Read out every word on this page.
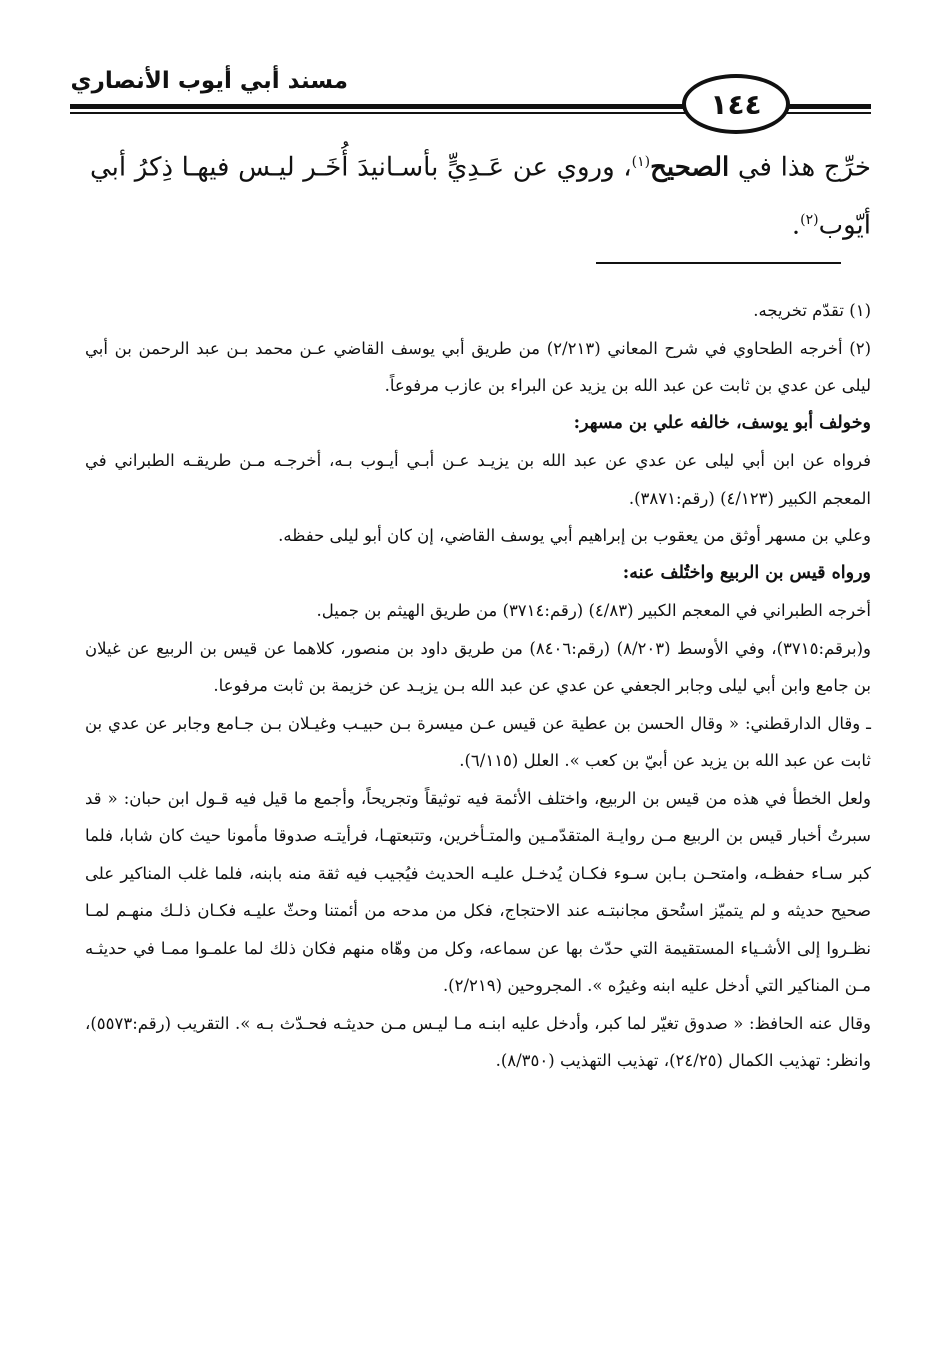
مسند أبي أيوب الأنصاري
١٤٤
خرِّج هذا في الصحيح$^{(١)}$، وروي عن عَـدِيٍّ بأسـانيدَ أُخَـر ليـس فيهـا ذِكرُ أبي أيّوب$^{(٢)}$.

(١) تقدّم تخريجه.

(٢) أخرجه الطحاوي في شرح المعاني (٢/٢١٣) من طريق أبي يوسف القاضي عـن محمد بـن عبد الرحمن بن أبي ليلى عن عدي بن ثابت عن عبد الله بن يزيد عن البراء بن عازب مرفوعاً.

وخولف أبو يوسف، خالفه علي بن مسهر:

فرواه عن ابن أبي ليلى عن عدي عن عبد الله بن يزيـد عـن أبـي أيـوب بـه، أخرجـه مـن طريقـه الطبراني في المعجم الكبير (٤/١٢٣) (رقم:٣٨٧١).

وعلي بن مسهر أوثق من يعقوب بن إبراهيم أبي يوسف القاضي، إن كان أبو ليلى حفظه.

ورواه قيس بن الربيع واختُلف عنه:

أخرجه الطبراني في المعجم الكبير (٤/٨٣) (رقم:٣٧١٤) من طريق الهيثم بن جميل.

و(برقم:٣٧١٥)، وفي الأوسط (٨/٢٠٣) (رقم:٨٤٠٦) من طريق داود بن منصور، كلاهما عن قيس بن الربيع عن غيلان بن جامع وابن أبي ليلى وجابر الجعفي عن عدي عن عبد الله بـن يزيـد عن خزيمة بن ثابت مرفوعا.

ـ وقال الدارقطني: « وقال الحسن بن عطية عن قيس عـن ميسرة بـن حبيـب وغيـلان بـن جـامع وجابر عن عدي بن ثابت عن عبد الله بن يزيد عن أبيّ بن كعب ». العلل (٦/١١٥).

ولعل الخطأ في هذه من قيس بن الربيع، واختلف الأئمة فيه توثيقاً وتجريحاً، وأجمع ما قيل فيه قـول ابن حبان: « قد سبرتُ أخبار قيس بن الربيع مـن روايـة المتقدّمـين والمتـأخرين، وتتبعتهـا، فرأيتـه صدوقا مأمونا حيث كان شابا، فلما كبر سـاء حفظـه، وامتحـن بـابن سـوء فكـان يُدخـل عليـه الحديث فيُجيب فيه ثقة منه بابنه، فلما غلب المناكير على صحيح حديثه و لم يتميّز استُحق مجانبتـه عند الاحتجاج، فكل من مدحه من أئمتنا وحثّ عليـه فكـان ذلـك منهـم لمـا نظـروا إلى الأشـياء المستقيمة التي حدّث بها عن سماعه، وكل من وهّاه منهم فكان ذلك لما علمـوا ممـا في حديثـه مـن المناكير التي أدخل عليه ابنه وغيرُه ». المجروحين (٢/٢١٩).

وقال عنه الحافظ: « صدوق تغيّر لما كبر، وأدخل عليه ابنـه مـا ليـس مـن حديثـه فحـدّث بـه ». التقريب (رقم:٥٥٧٣)، وانظر: تهذيب الكمال (٢٤/٢٥)، تهذيب التهذيب (٨/٣٥٠).
